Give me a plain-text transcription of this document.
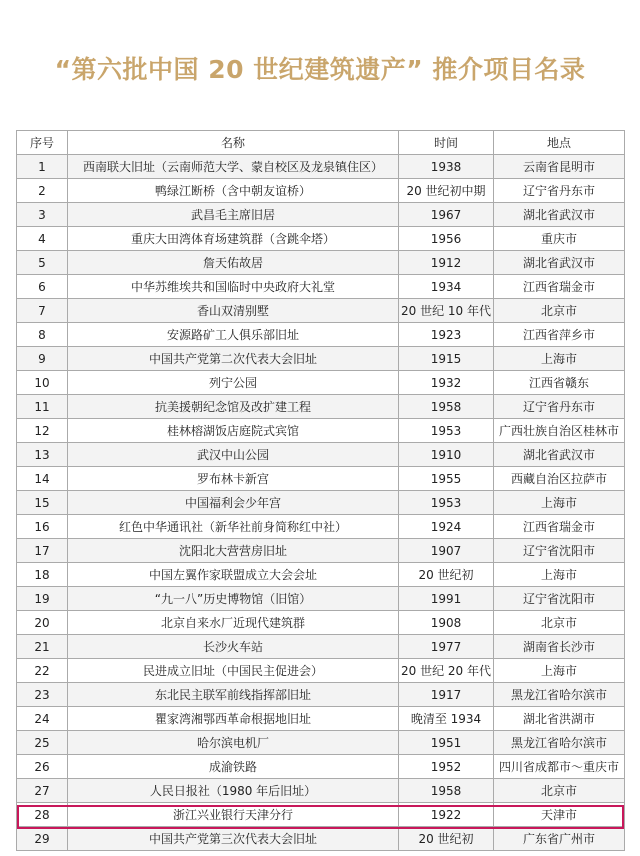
“第六批中国 20 世纪建筑遗产” 推介项目名录
序号	名称	时间	地点
1	西南联大旧址（云南师范大学、蒙自校区及龙泉镇住区）	1938	云南省昆明市
2	鸭绿江断桥（含中朝友谊桥）	20 世纪初中期	辽宁省丹东市
3	武昌毛主席旧居	1967	湖北省武汉市
4	重庆大田湾体育场建筑群（含跳伞塔）	1956	重庆市
5	詹天佑故居	1912	湖北省武汉市
6	中华苏维埃共和国临时中央政府大礼堂	1934	江西省瑞金市
7	香山双清别墅	20 世纪 10 年代	北京市
8	安源路矿工人俱乐部旧址	1923	江西省萍乡市
9	中国共产党第二次代表大会旧址	1915	上海市
10	列宁公园	1932	江西省赣东
11	抗美援朝纪念馆及改扩建工程	1958	辽宁省丹东市
12	桂林榕湖饭店庭院式宾馆	1953	广西壮族自治区桂林市
13	武汉中山公园	1910	湖北省武汉市
14	罗布林卡新宫	1955	西藏自治区拉萨市
15	中国福利会少年宫	1953	上海市
16	红色中华通讯社（新华社前身简称红中社）	1924	江西省瑞金市
17	沈阳北大营营房旧址	1907	辽宁省沈阳市
18	中国左翼作家联盟成立大会会址	20 世纪初	上海市
19	“九一八”历史博物馆（旧馆）	1991	辽宁省沈阳市
20	北京自来水厂近现代建筑群	1908	北京市
21	长沙火车站	1977	湖南省长沙市
22	民进成立旧址（中国民主促进会）	20 世纪 20 年代	上海市
23	东北民主联军前线指挥部旧址	1917	黑龙江省哈尔滨市
24	瞿家湾湘鄂西革命根据地旧址	晚清至 1934	湖北省洪湖市
25	哈尔滨电机厂	1951	黑龙江省哈尔滨市
26	成渝铁路	1952	四川省成都市～重庆市
27	人民日报社（1980 年后旧址）	1958	北京市
28	浙江兴业银行天津分行	1922	天津市
29	中国共产党第三次代表大会旧址	20 世纪初	广东省广州市
